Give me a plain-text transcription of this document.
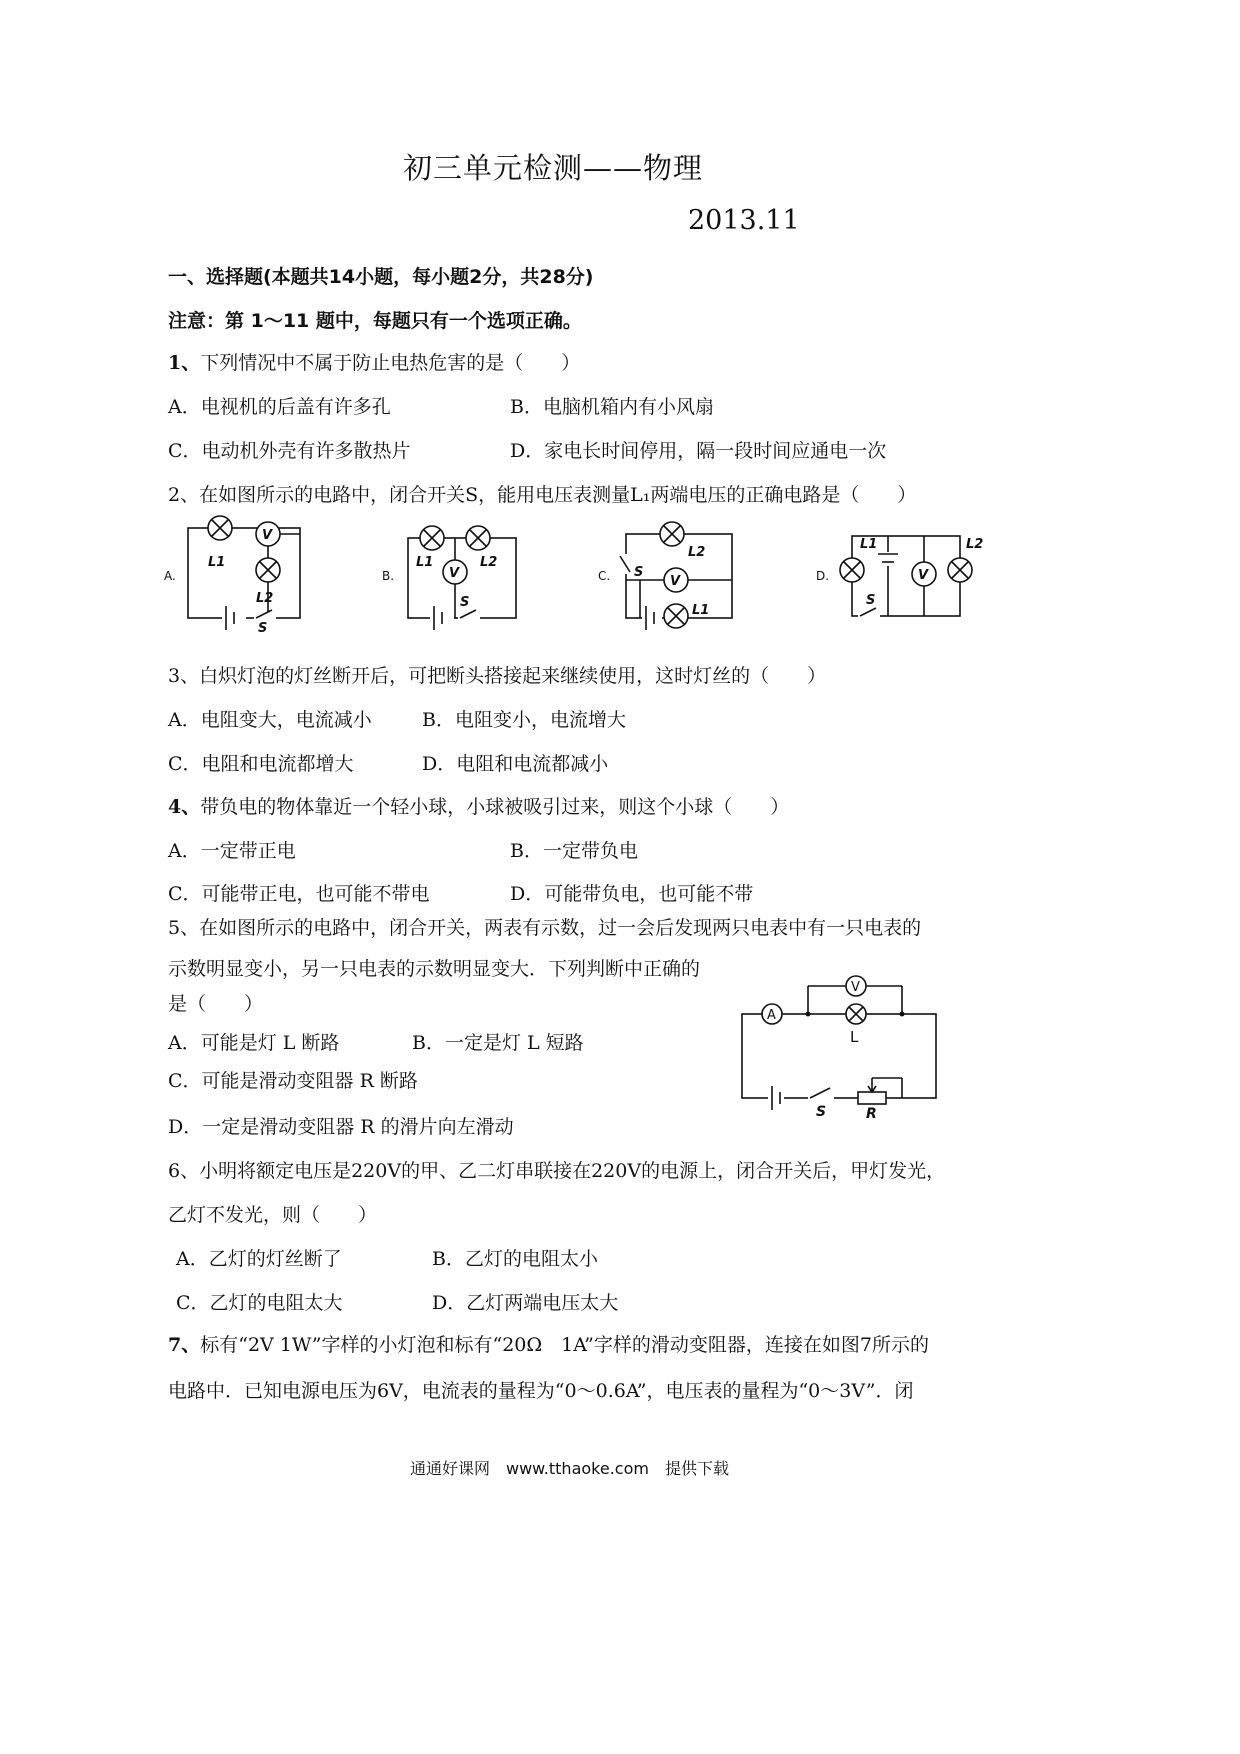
初三单元检测——物理
2013.11
一、选择题(本题共14小题，每小题2分，共28分)
注意：第 1～11 题中，每题只有一个选项正确。
1、下列情况中不属于防止电热危害的是（　　）
A．电视机的后盖有许多孔	B．电脑机箱内有小风扇
C．电动机外壳有许多散热片	D．家电长时间停用，隔一段时间应通电一次
2、在如图所示的电路中，闭合开关S，能用电压表测量L₁两端电压的正确电路是（　　）
A.	B.	C.	D.
V
L1
L2
S
L1
V
L2
S
L2
S
V
L1
L1	L2
V
S
3、白炽灯泡的灯丝断开后，可把断头搭接起来继续使用，这时灯丝的（　　）
A．电阻变大，电流减小	B．电阻变小，电流增大
C．电阻和电流都增大	D．电阻和电流都减小
4、带负电的物体靠近一个轻小球，小球被吸引过来，则这个小球（　　）
A．一定带正电	B．一定带负电
C．可能带正电，也可能不带电	D．可能带负电，也可能不带
5、在如图所示的电路中，闭合开关，两表有示数，过一会后发现两只电表中有一只电表的
示数明显变小，另一只电表的示数明显变大．下列判断中正确的
是（　　）
A．可能是灯 L 断路	B．一定是灯 L 短路
C．可能是滑动变阻器 R 断路
D．一定是滑动变阻器 R 的滑片向左滑动
V
A
L
S	R
6、小明将额定电压是220V的甲、乙二灯串联接在220V的电源上，闭合开关后，甲灯发光，
乙灯不发光，则（　　）
A．乙灯的灯丝断了	B．乙灯的电阻太小
C．乙灯的电阻太大	D．乙灯两端电压太大
7、标有“2V 1W”字样的小灯泡和标有“20Ω　1A”字样的滑动变阻器，连接在如图7所示的
电路中．已知电源电压为6V，电流表的量程为“0～0.6A”，电压表的量程为“0～3V”．闭
通通好课网　www.tthaoke.com　提供下载
